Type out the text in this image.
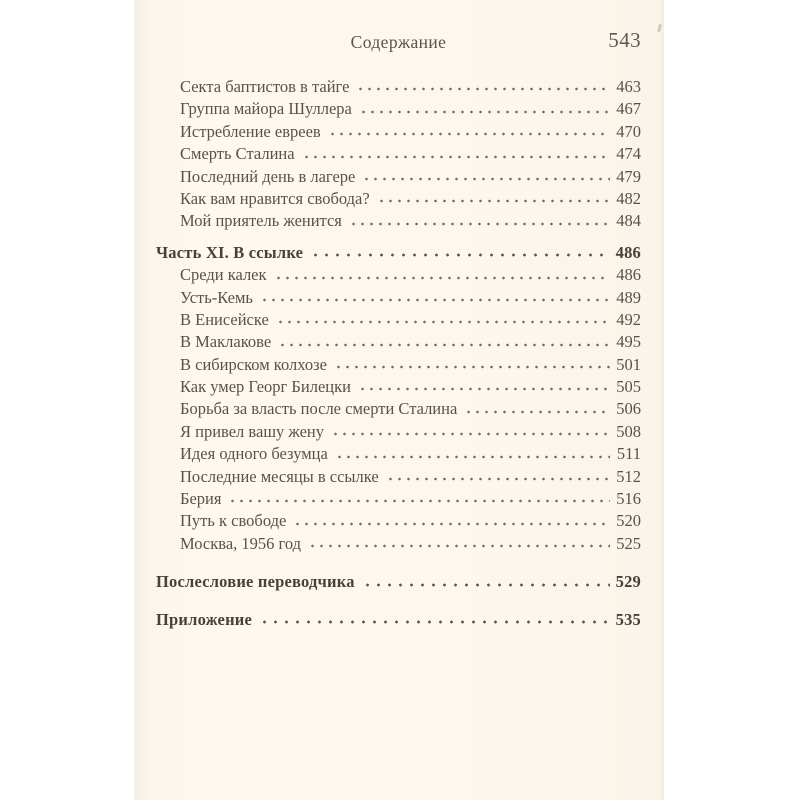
Содержание	543
Секта баптистов в тайге	463
Группа майора Шуллера	467
Истребление евреев	470
Смерть Сталина	474
Последний день в лагере	479
Как вам нравится свобода?	482
Мой приятель женится	484
Часть XI. В ссылке	486
Среди калек	486
Усть-Кемь	489
В Енисейске	492
В Маклакове	495
В сибирском колхозе	501
Как умер Георг Билецки	505
Борьба за власть после смерти Сталина	506
Я привел вашу жену	508
Идея одного безумца	511
Последние месяцы в ссылке	512
Берия	516
Путь к свободе	520
Москва, 1956 год	525
Послесловие переводчика	529
Приложение	535
